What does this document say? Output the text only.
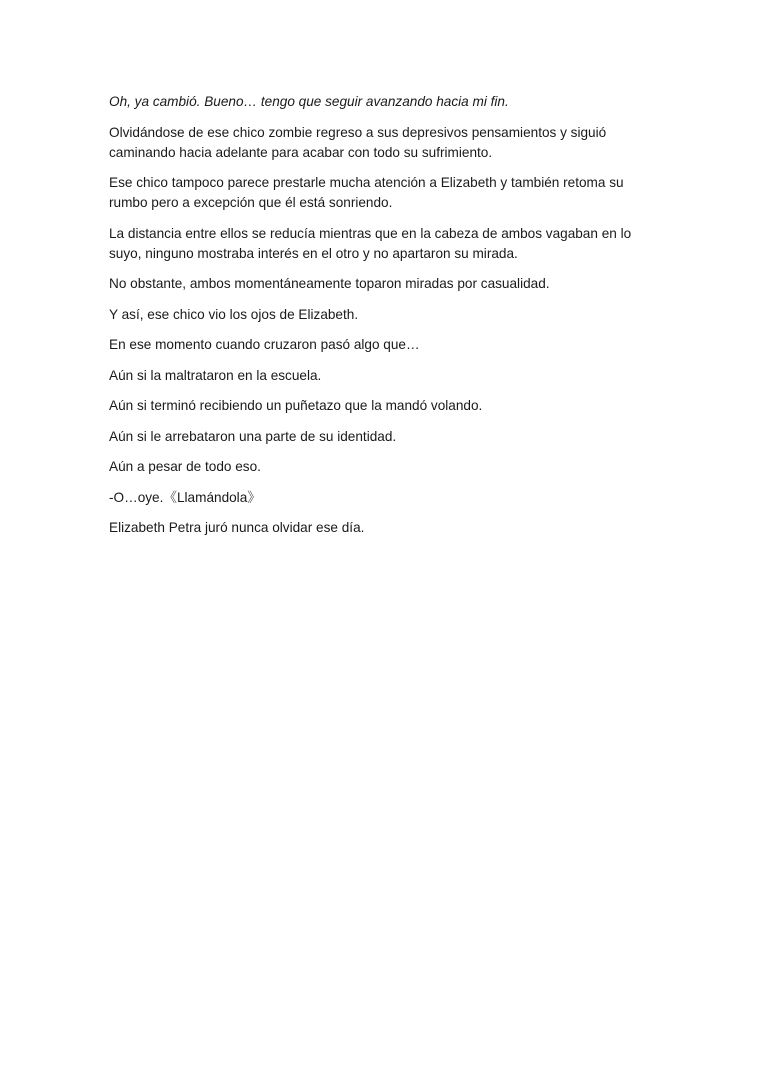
Oh, ya cambió. Bueno… tengo que seguir avanzando hacia mi fin.

Olvidándose de ese chico zombie regreso a sus depresivos pensamientos y siguió caminando hacia adelante para acabar con todo su sufrimiento.

Ese chico tampoco parece prestarle mucha atención a Elizabeth y también retoma su rumbo pero a excepción que él está sonriendo.

La distancia entre ellos se reducía mientras que en la cabeza de ambos vagaban en lo suyo, ninguno mostraba interés en el otro y no apartaron su mirada.

No obstante, ambos momentáneamente toparon miradas por casualidad.

Y así, ese chico vio los ojos de Elizabeth.

En ese momento cuando cruzaron pasó algo que…

Aún si la maltrataron en la escuela.

Aún si terminó recibiendo un puñetazo que la mandó volando.

Aún si le arrebataron una parte de su identidad.

Aún a pesar de todo eso.

-O…oye.《Llamándola》

Elizabeth Petra juró nunca olvidar ese día.
